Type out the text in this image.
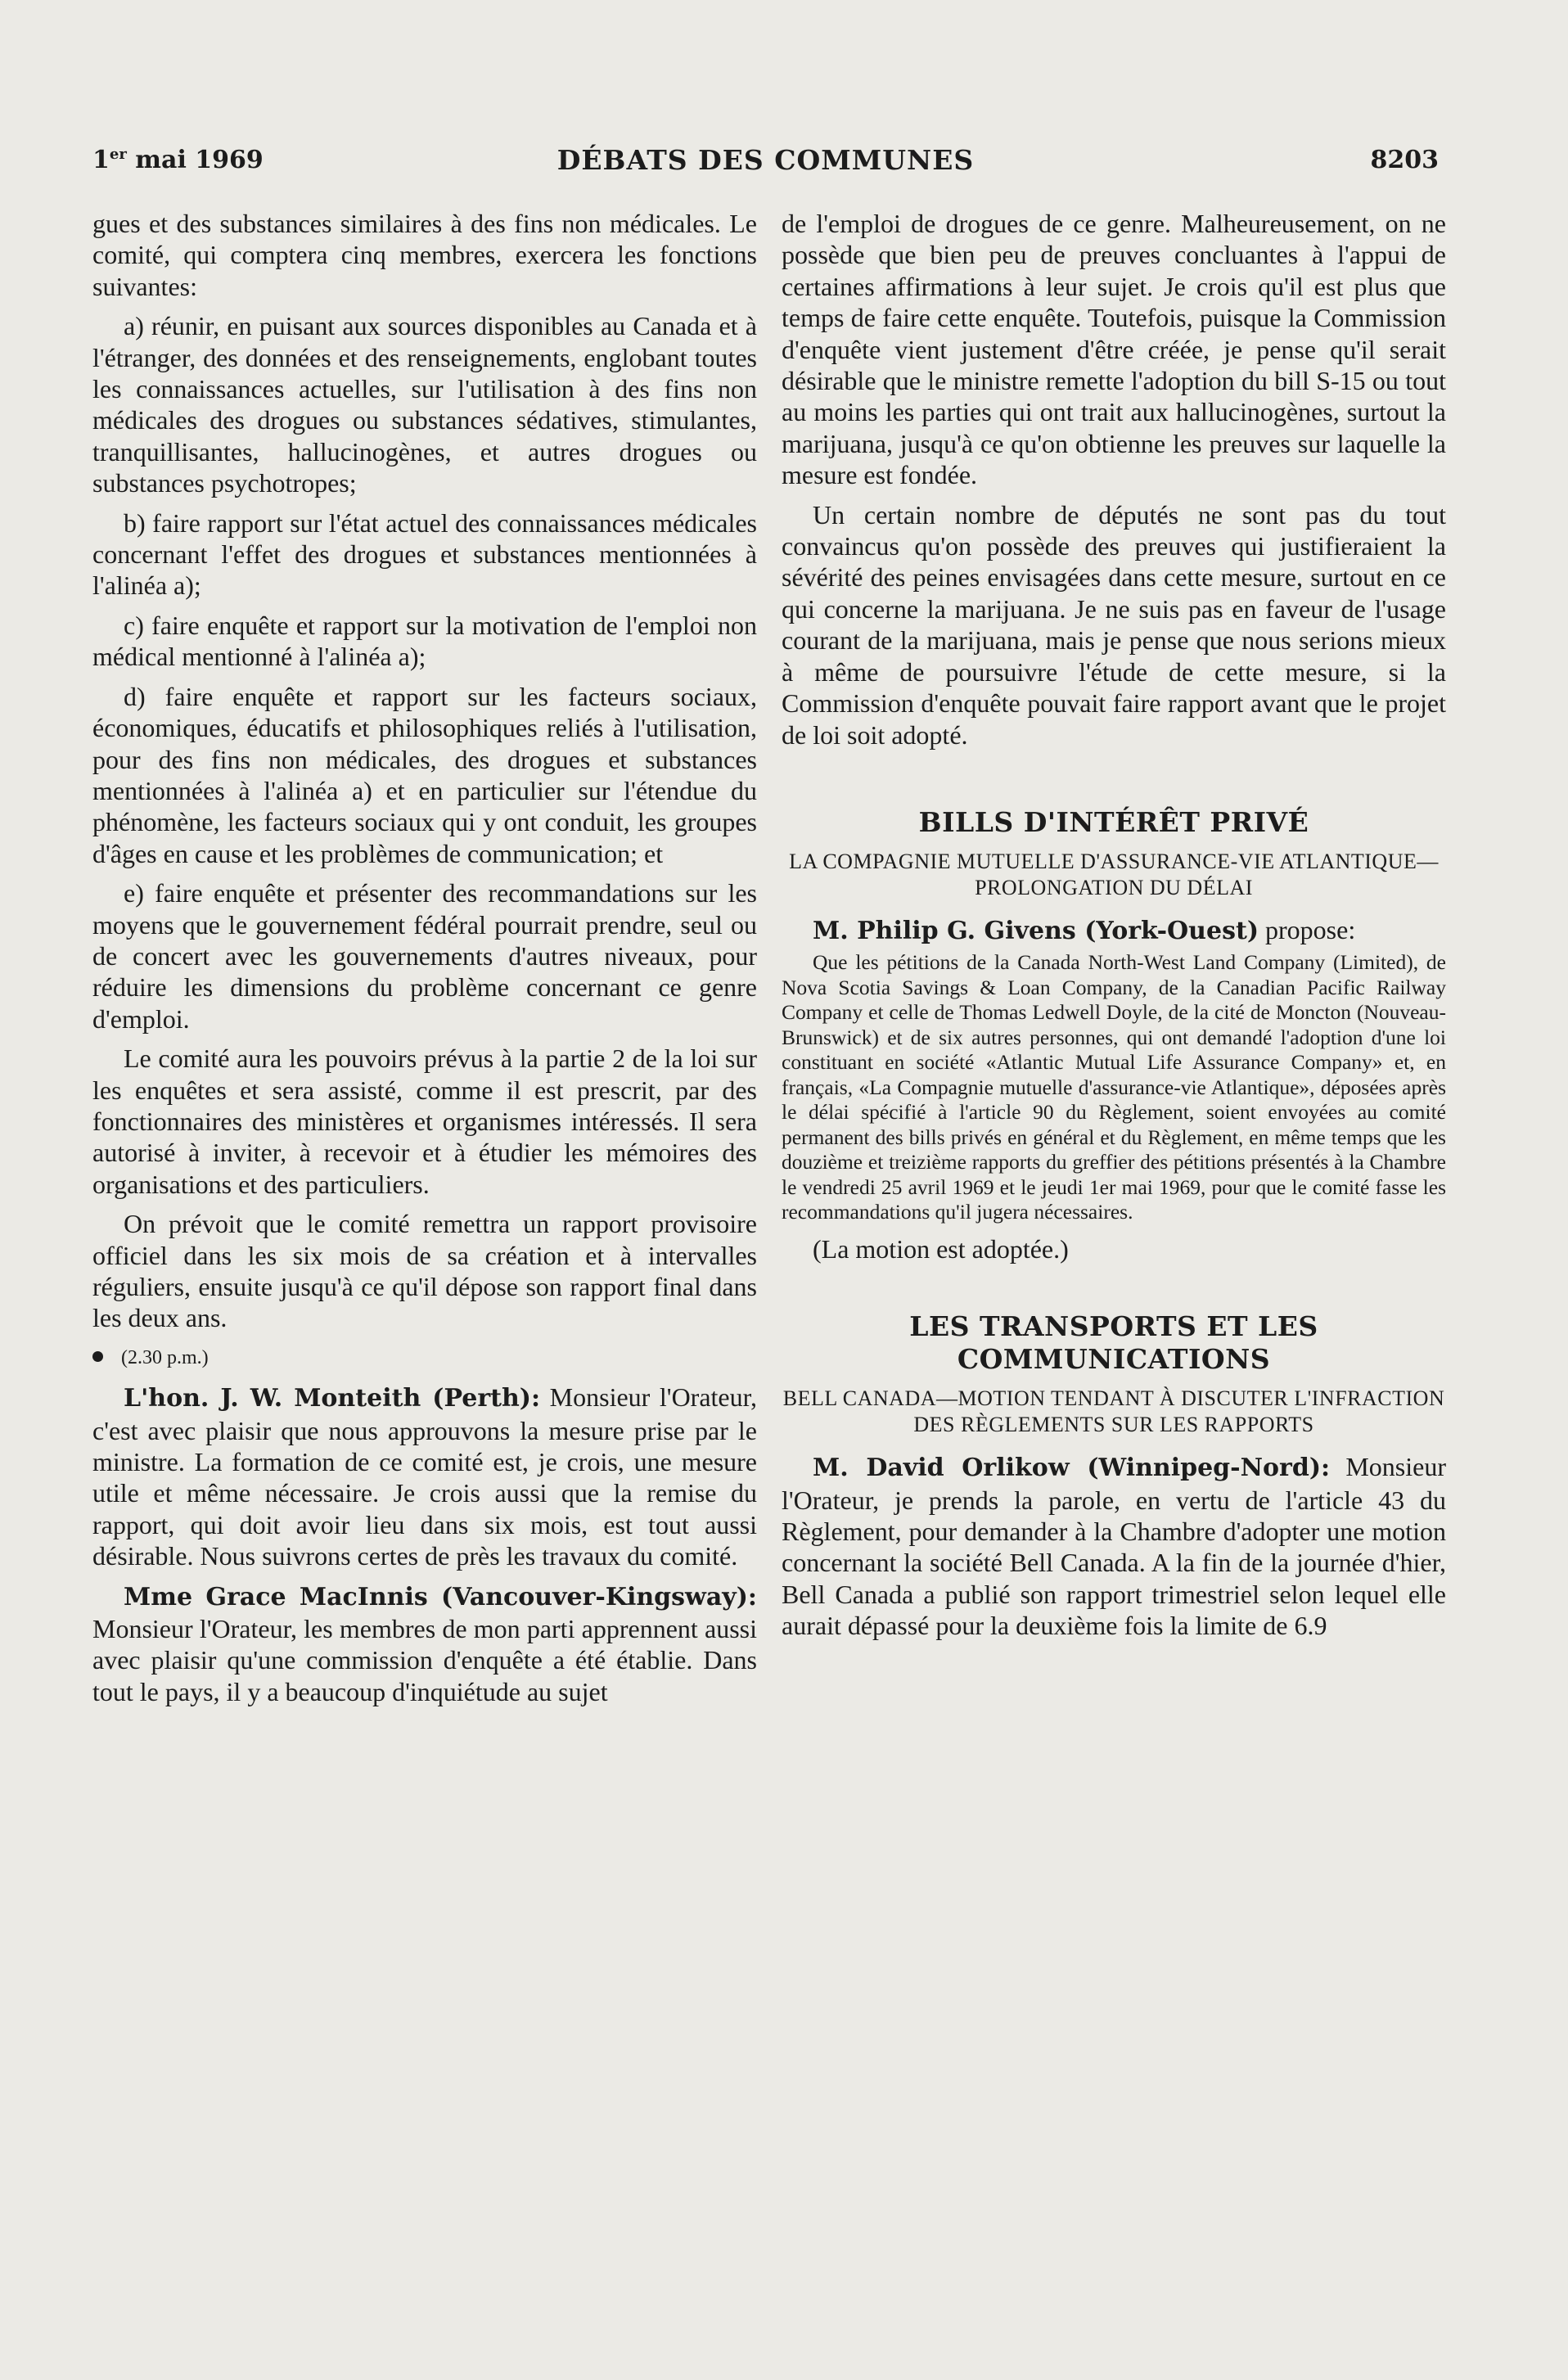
1er mai 1969	DÉBATS DES COMMUNES	8203

gues et des substances similaires à des fins non médicales. Le comité, qui comptera cinq membres, exercera les fonctions suivantes:

a) réunir, en puisant aux sources disponibles au Canada et à l'étranger, des données et des renseignements, englobant toutes les connaissances actuelles, sur l'utilisation à des fins non médicales des drogues ou substances sédatives, stimulantes, tranquillisantes, hallucinogènes, et autres drogues ou substances psychotropes;

b) faire rapport sur l'état actuel des connaissances médicales concernant l'effet des drogues et substances mentionnées à l'alinéa a);

c) faire enquête et rapport sur la motivation de l'emploi non médical mentionné à l'alinéa a);

d) faire enquête et rapport sur les facteurs sociaux, économiques, éducatifs et philosophiques reliés à l'utilisation, pour des fins non médicales, des drogues et substances mentionnées à l'alinéa a) et en particulier sur l'étendue du phénomène, les facteurs sociaux qui y ont conduit, les groupes d'âges en cause et les problèmes de communication; et

e) faire enquête et présenter des recommandations sur les moyens que le gouvernement fédéral pourrait prendre, seul ou de concert avec les gouvernements d'autres niveaux, pour réduire les dimensions du problème concernant ce genre d'emploi.

Le comité aura les pouvoirs prévus à la partie 2 de la loi sur les enquêtes et sera assisté, comme il est prescrit, par des fonctionnaires des ministères et organismes intéressés. Il sera autorisé à inviter, à recevoir et à étudier les mémoires des organisations et des particuliers.

On prévoit que le comité remettra un rapport provisoire officiel dans les six mois de sa création et à intervalles réguliers, ensuite jusqu'à ce qu'il dépose son rapport final dans les deux ans.

(2.30 p.m.)

L'hon. J. W. Monteith (Perth): Monsieur l'Orateur, c'est avec plaisir que nous approuvons la mesure prise par le ministre. La formation de ce comité est, je crois, une mesure utile et même nécessaire. Je crois aussi que la remise du rapport, qui doit avoir lieu dans six mois, est tout aussi désirable. Nous suivrons certes de près les travaux du comité.

Mme Grace MacInnis (Vancouver-Kingsway): Monsieur l'Orateur, les membres de mon parti apprennent aussi avec plaisir qu'une commission d'enquête a été établie. Dans tout le pays, il y a beaucoup d'inquiétude au sujet

de l'emploi de drogues de ce genre. Malheureusement, on ne possède que bien peu de preuves concluantes à l'appui de certaines affirmations à leur sujet. Je crois qu'il est plus que temps de faire cette enquête. Toutefois, puisque la Commission d'enquête vient justement d'être créée, je pense qu'il serait désirable que le ministre remette l'adoption du bill S-15 ou tout au moins les parties qui ont trait aux hallucinogènes, surtout la marijuana, jusqu'à ce qu'on obtienne les preuves sur laquelle la mesure est fondée.

Un certain nombre de députés ne sont pas du tout convaincus qu'on possède des preuves qui justifieraient la sévérité des peines envisagées dans cette mesure, surtout en ce qui concerne la marijuana. Je ne suis pas en faveur de l'usage courant de la marijuana, mais je pense que nous serions mieux à même de poursuivre l'étude de cette mesure, si la Commission d'enquête pouvait faire rapport avant que le projet de loi soit adopté.

BILLS D'INTÉRÊT PRIVÉ
LA COMPAGNIE MUTUELLE D'ASSURANCE-VIE ATLANTIQUE—PROLONGATION DU DÉLAI

M. Philip G. Givens (York-Ouest) propose:

Que les pétitions de la Canada North-West Land Company (Limited), de Nova Scotia Savings & Loan Company, de la Canadian Pacific Railway Company et celle de Thomas Ledwell Doyle, de la cité de Moncton (Nouveau-Brunswick) et de six autres personnes, qui ont demandé l'adoption d'une loi constituant en société «Atlantic Mutual Life Assurance Company» et, en français, «La Compagnie mutuelle d'assurance-vie Atlantique», déposées après le délai spécifié à l'article 90 du Règlement, soient envoyées au comité permanent des bills privés en général et du Règlement, en même temps que les douzième et treizième rapports du greffier des pétitions présentés à la Chambre le vendredi 25 avril 1969 et le jeudi 1er mai 1969, pour que le comité fasse les recommandations qu'il jugera nécessaires.

(La motion est adoptée.)

LES TRANSPORTS ET LES COMMUNICATIONS
BELL CANADA—MOTION TENDANT À DISCUTER L'INFRACTION DES RÈGLEMENTS SUR LES RAPPORTS

M. David Orlikow (Winnipeg-Nord): Monsieur l'Orateur, je prends la parole, en vertu de l'article 43 du Règlement, pour demander à la Chambre d'adopter une motion concernant la société Bell Canada. A la fin de la journée d'hier, Bell Canada a publié son rapport trimestriel selon lequel elle aurait dépassé pour la deuxième fois la limite de 6.9
